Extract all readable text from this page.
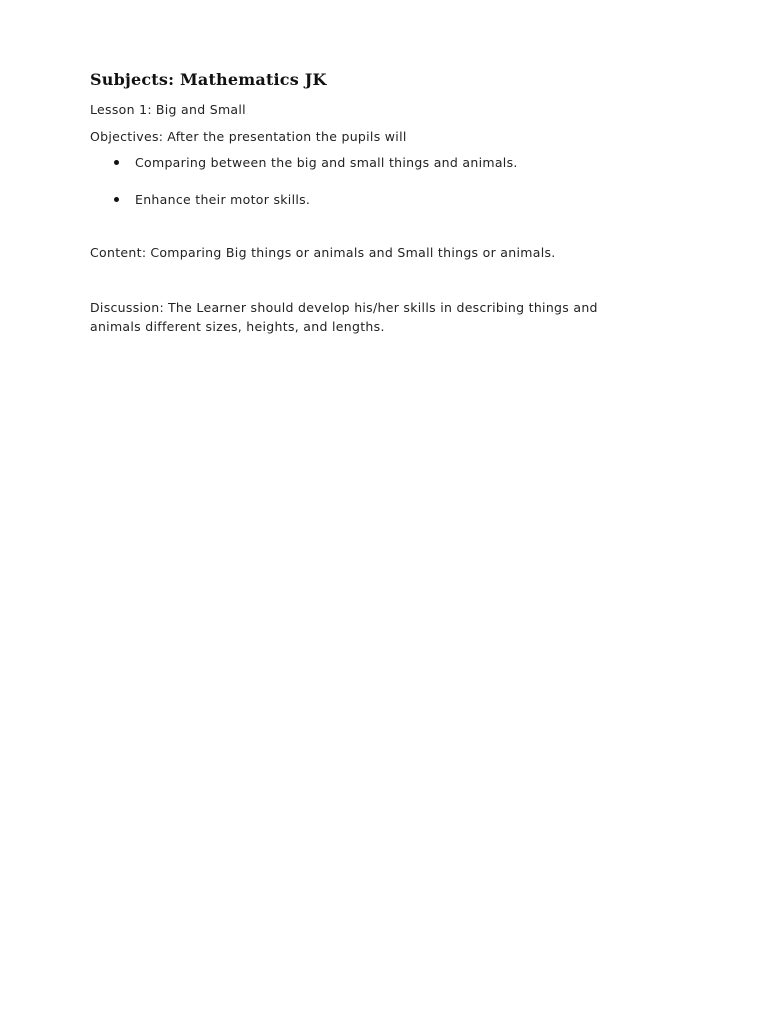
Subjects: Mathematics JK
Lesson 1: Big and Small
Objectives: After the presentation the pupils will
Comparing between the big and small things and animals.
Enhance their motor skills.
Content: Comparing Big things or animals and Small things or animals.
Discussion: The Learner should develop his/her skills in describing things and animals different sizes, heights, and lengths.
